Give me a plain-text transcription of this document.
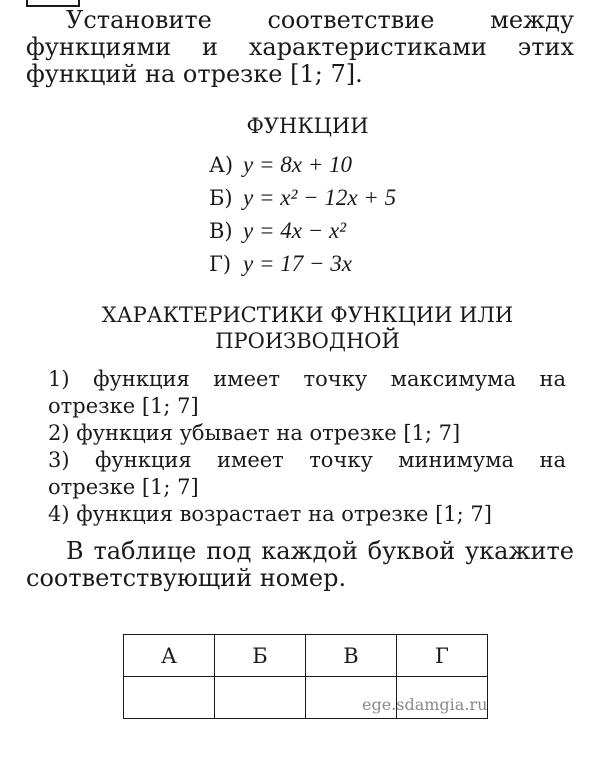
Установите соответствие между функциями и характеристиками этих функций на отрезке [1; 7].

ФУНКЦИИ

А) y = 8x + 10
Б) y = x² − 12x + 5
В) y = 4x − x²
Г) y = 17 − 3x

ХАРАКТЕРИСТИКИ ФУНКЦИИ ИЛИ ПРОИЗВОДНОЙ

1) функция имеет точку максимума на отрезке [1; 7]
2) функция убывает на отрезке [1; 7]
3) функция имеет точку минимума на отрезке [1; 7]
4) функция возрастает на отрезке [1; 7]

В таблице под каждой буквой укажите соответствующий номер.

А	Б	В	Г

ege.sdamgia.ru
